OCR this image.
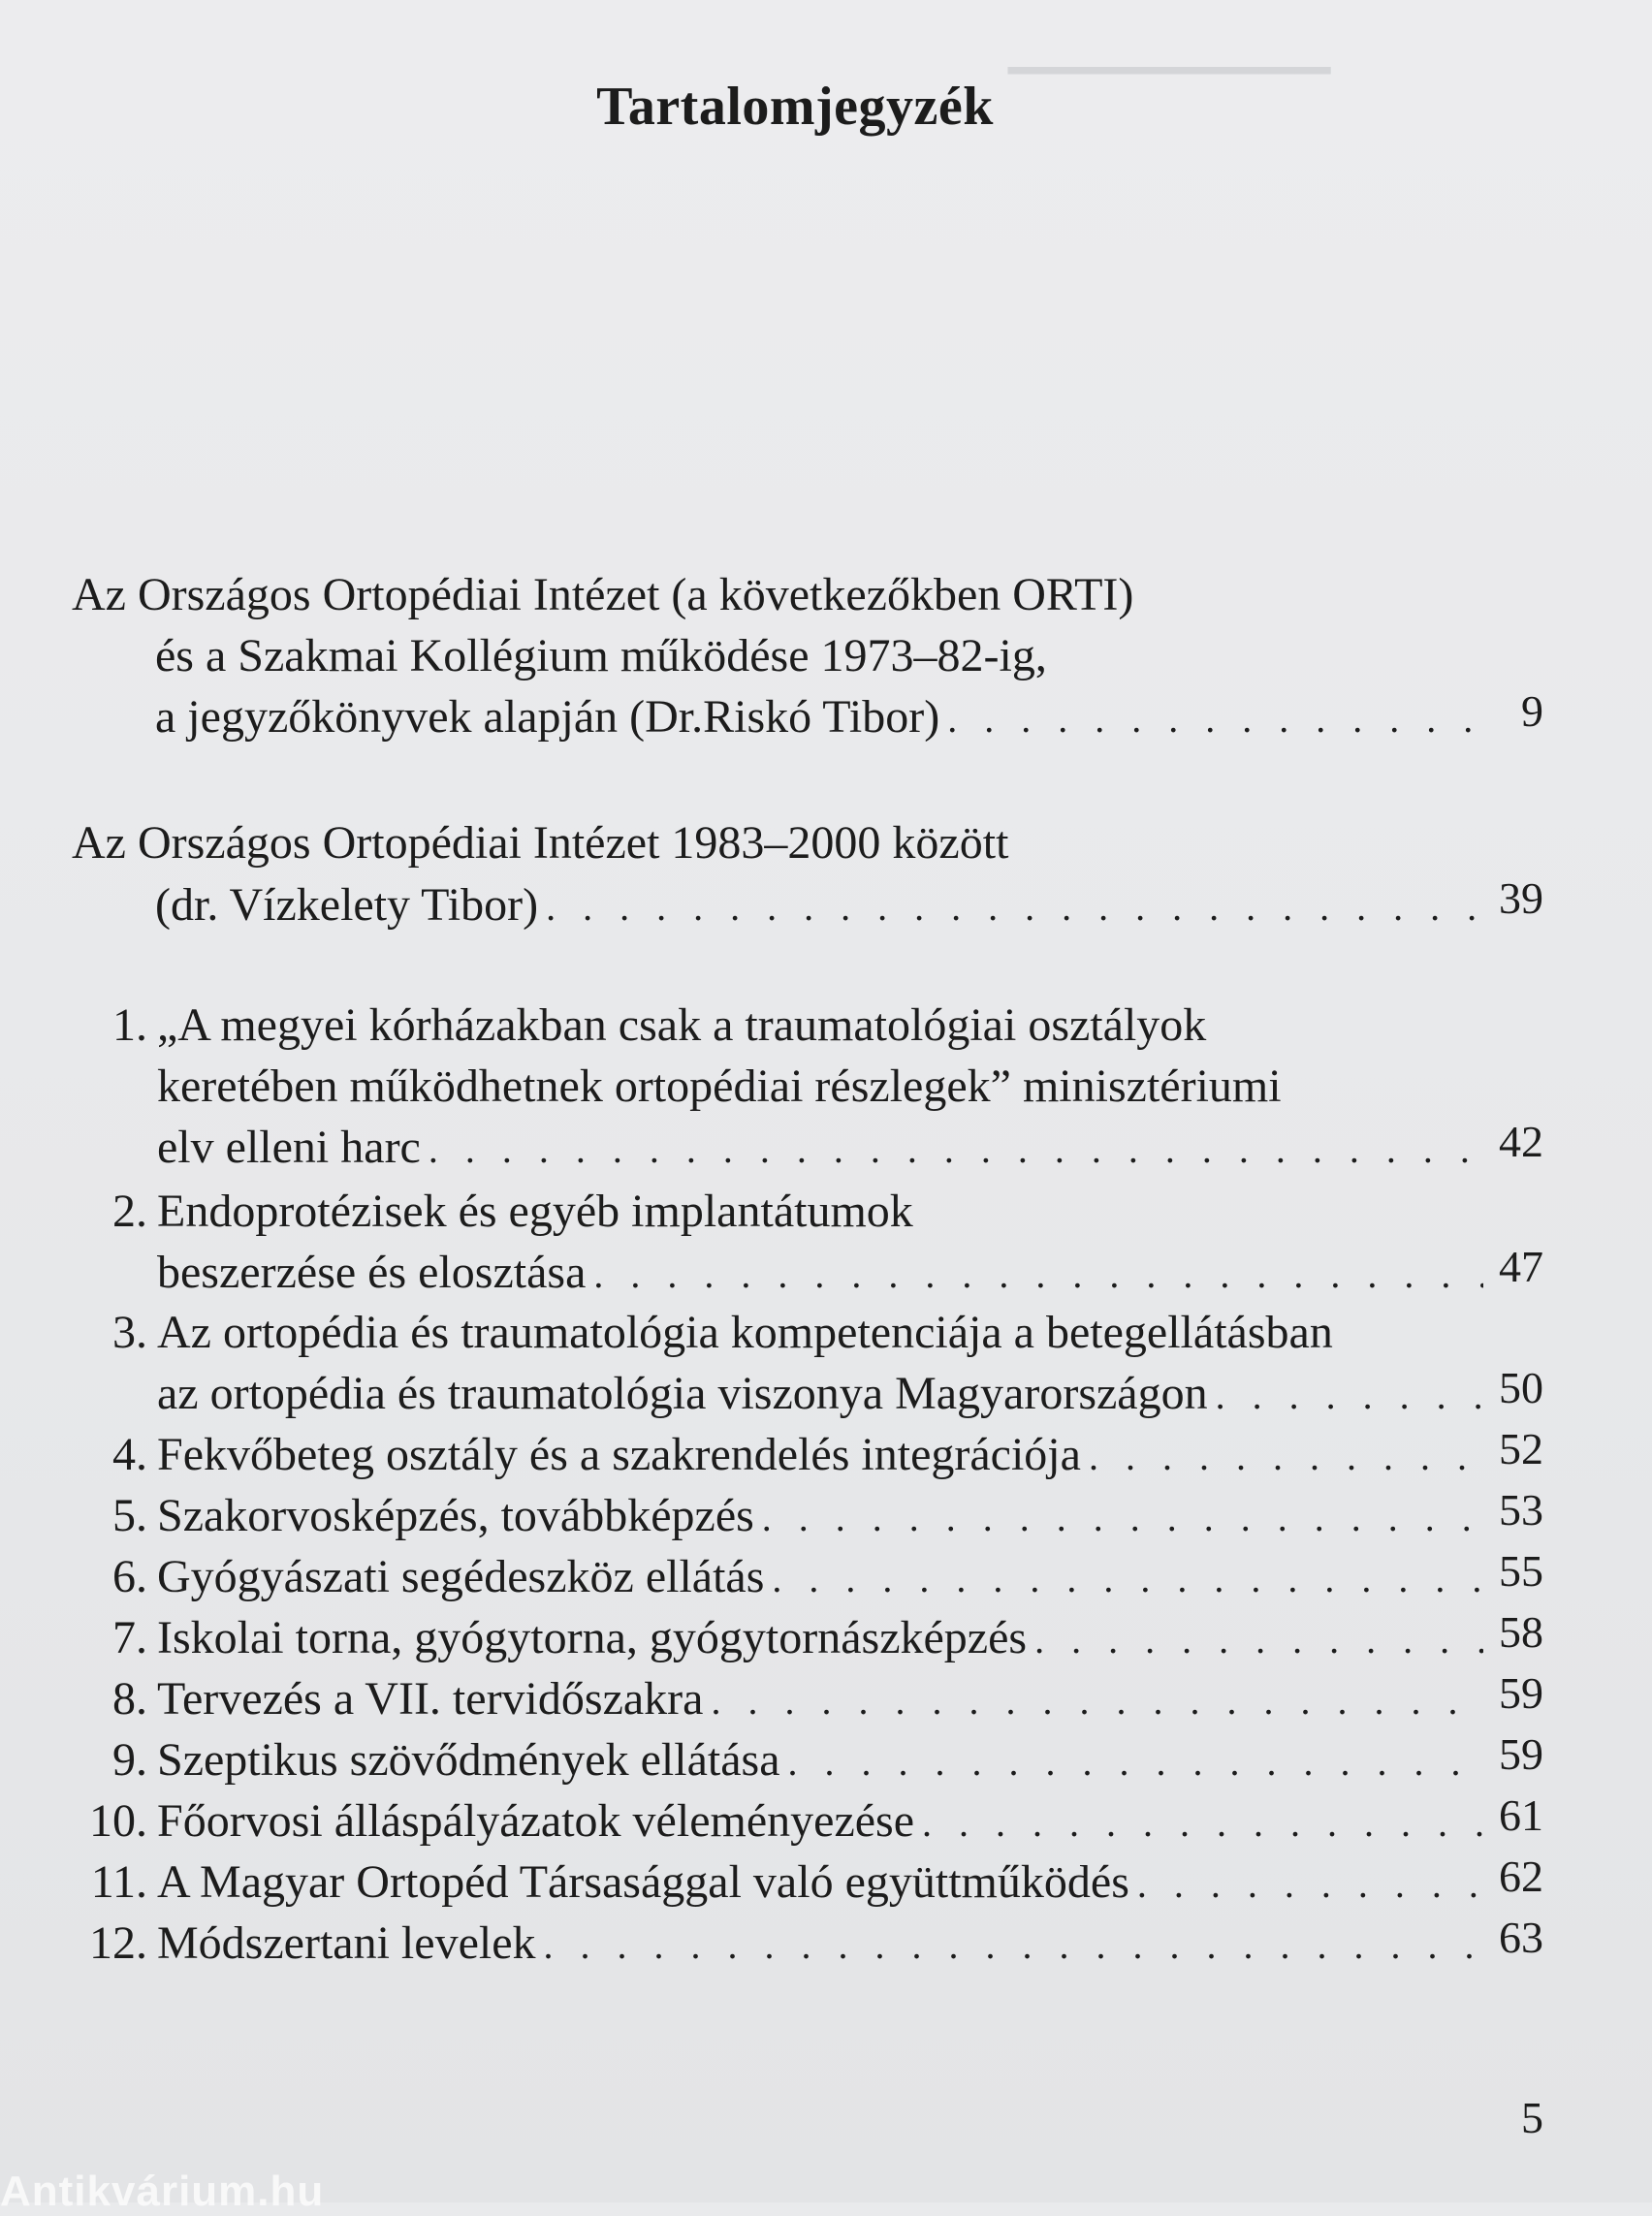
▔▔▔▔▔▔▔▔▔
Tartalomjegyzék
Az Országos Ortopédiai Intézet (a következőkben ORTI)
és a Szakmai Kollégium működése 1973–82-ig,
a jegyzőkönyvek alapján (Dr.Riskó Tibor) . . .	9
Az Országos Ortopédiai Intézet 1983–2000 között
(dr. Vízkelety Tibor) . . .	39
1. „A megyei kórházakban csak a traumatológiai osztályok
keretében működhetnek ortopédiai részlegek” minisztériumi
elv elleni harc . . .	42
2. Endoprotézisek és egyéb implantátumok
beszerzése és elosztása . . .	47
3. Az ortopédia és traumatológia kompetenciája a betegellátásban
az ortopédia és traumatológia viszonya Magyarországon . . .	50
4. Fekvőbeteg osztály és a szakrendelés integrációja . . .	52
5. Szakorvosképzés, továbbképzés . . .	53
6. Gyógyászati segédeszköz ellátás . . .	55
7. Iskolai torna, gyógytorna, gyógytornászképzés . . .	58
8. Tervezés a VII. tervidőszakra . . .	59
9. Szeptikus szövődmények ellátása . . .	59
10. Főorvosi álláspályázatok véleményezése . . .	61
11. A Magyar Ortopéd Társasággal való együttműködés . . .	62
12. Módszertani levelek . . .	63
5
Antikvárium.hu
